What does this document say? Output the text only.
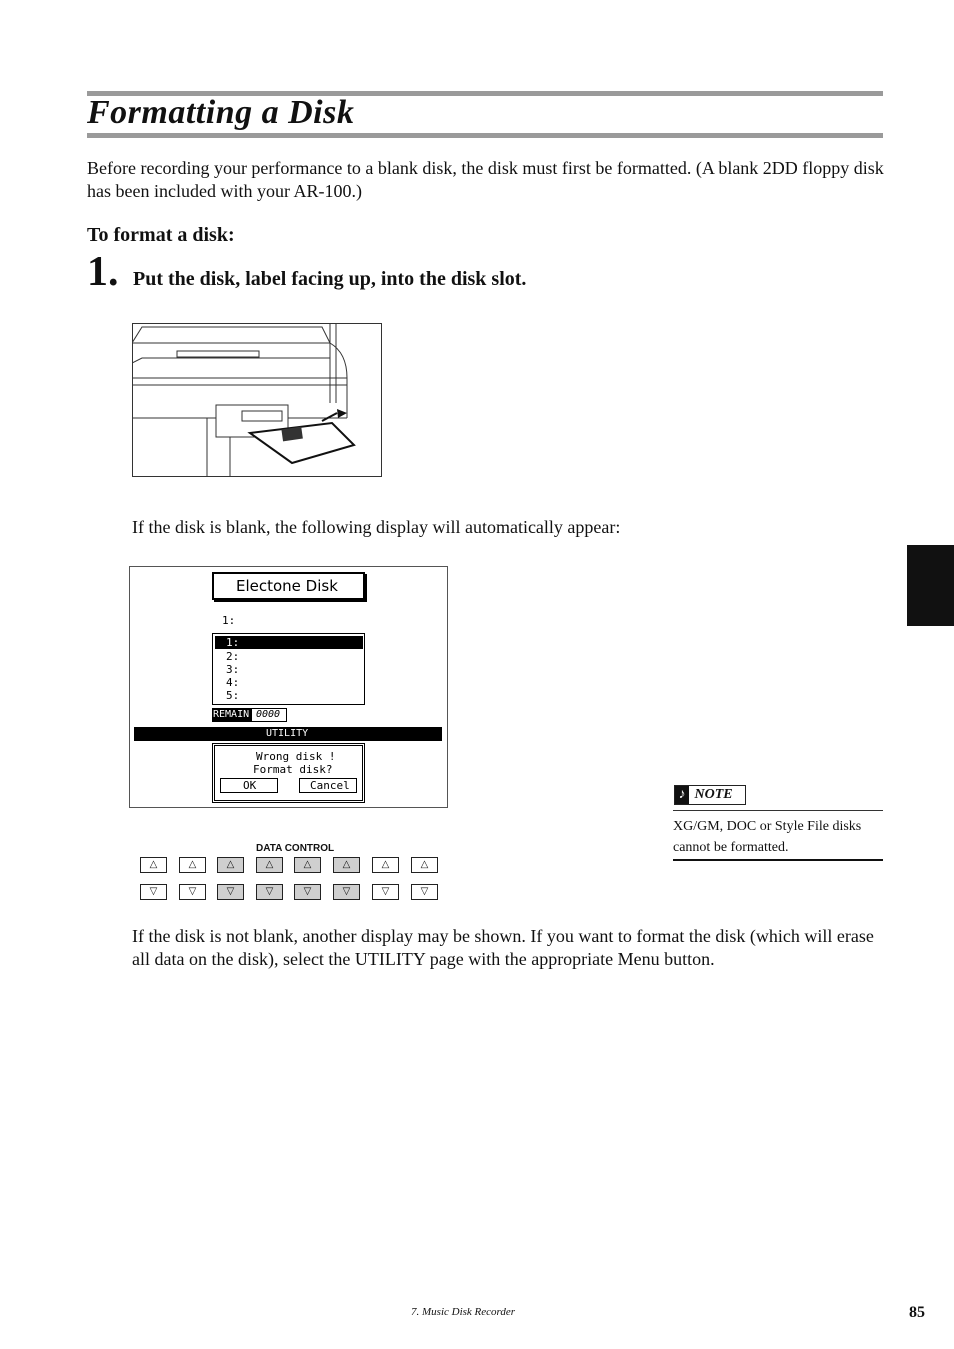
Formatting a Disk
Before recording your performance to a blank disk, the disk must first be formatted. (A blank 2DD floppy disk has been included with your AR-100.)
To format a disk:
1. Put the disk, label facing up, into the disk slot.
If the disk is blank, the following display will automatically appear:
Electone Disk
1:
1:
2:
3:
4:
5:
REMAIN 0000
UTILITY
Wrong disk !
Format disk?
OK	Cancel
♪ NOTE
XG/GM, DOC or Style File disks cannot be formatted.
DATA CONTROL
△	△	△	△	△	△	△	△
▽	▽	▽	▽	▽	▽	▽	▽
If the disk is not blank, another display may be shown. If you want to format the disk (which will erase all data on the disk), select the UTILITY page with the appropriate Menu button.
7. Music Disk Recorder	85
